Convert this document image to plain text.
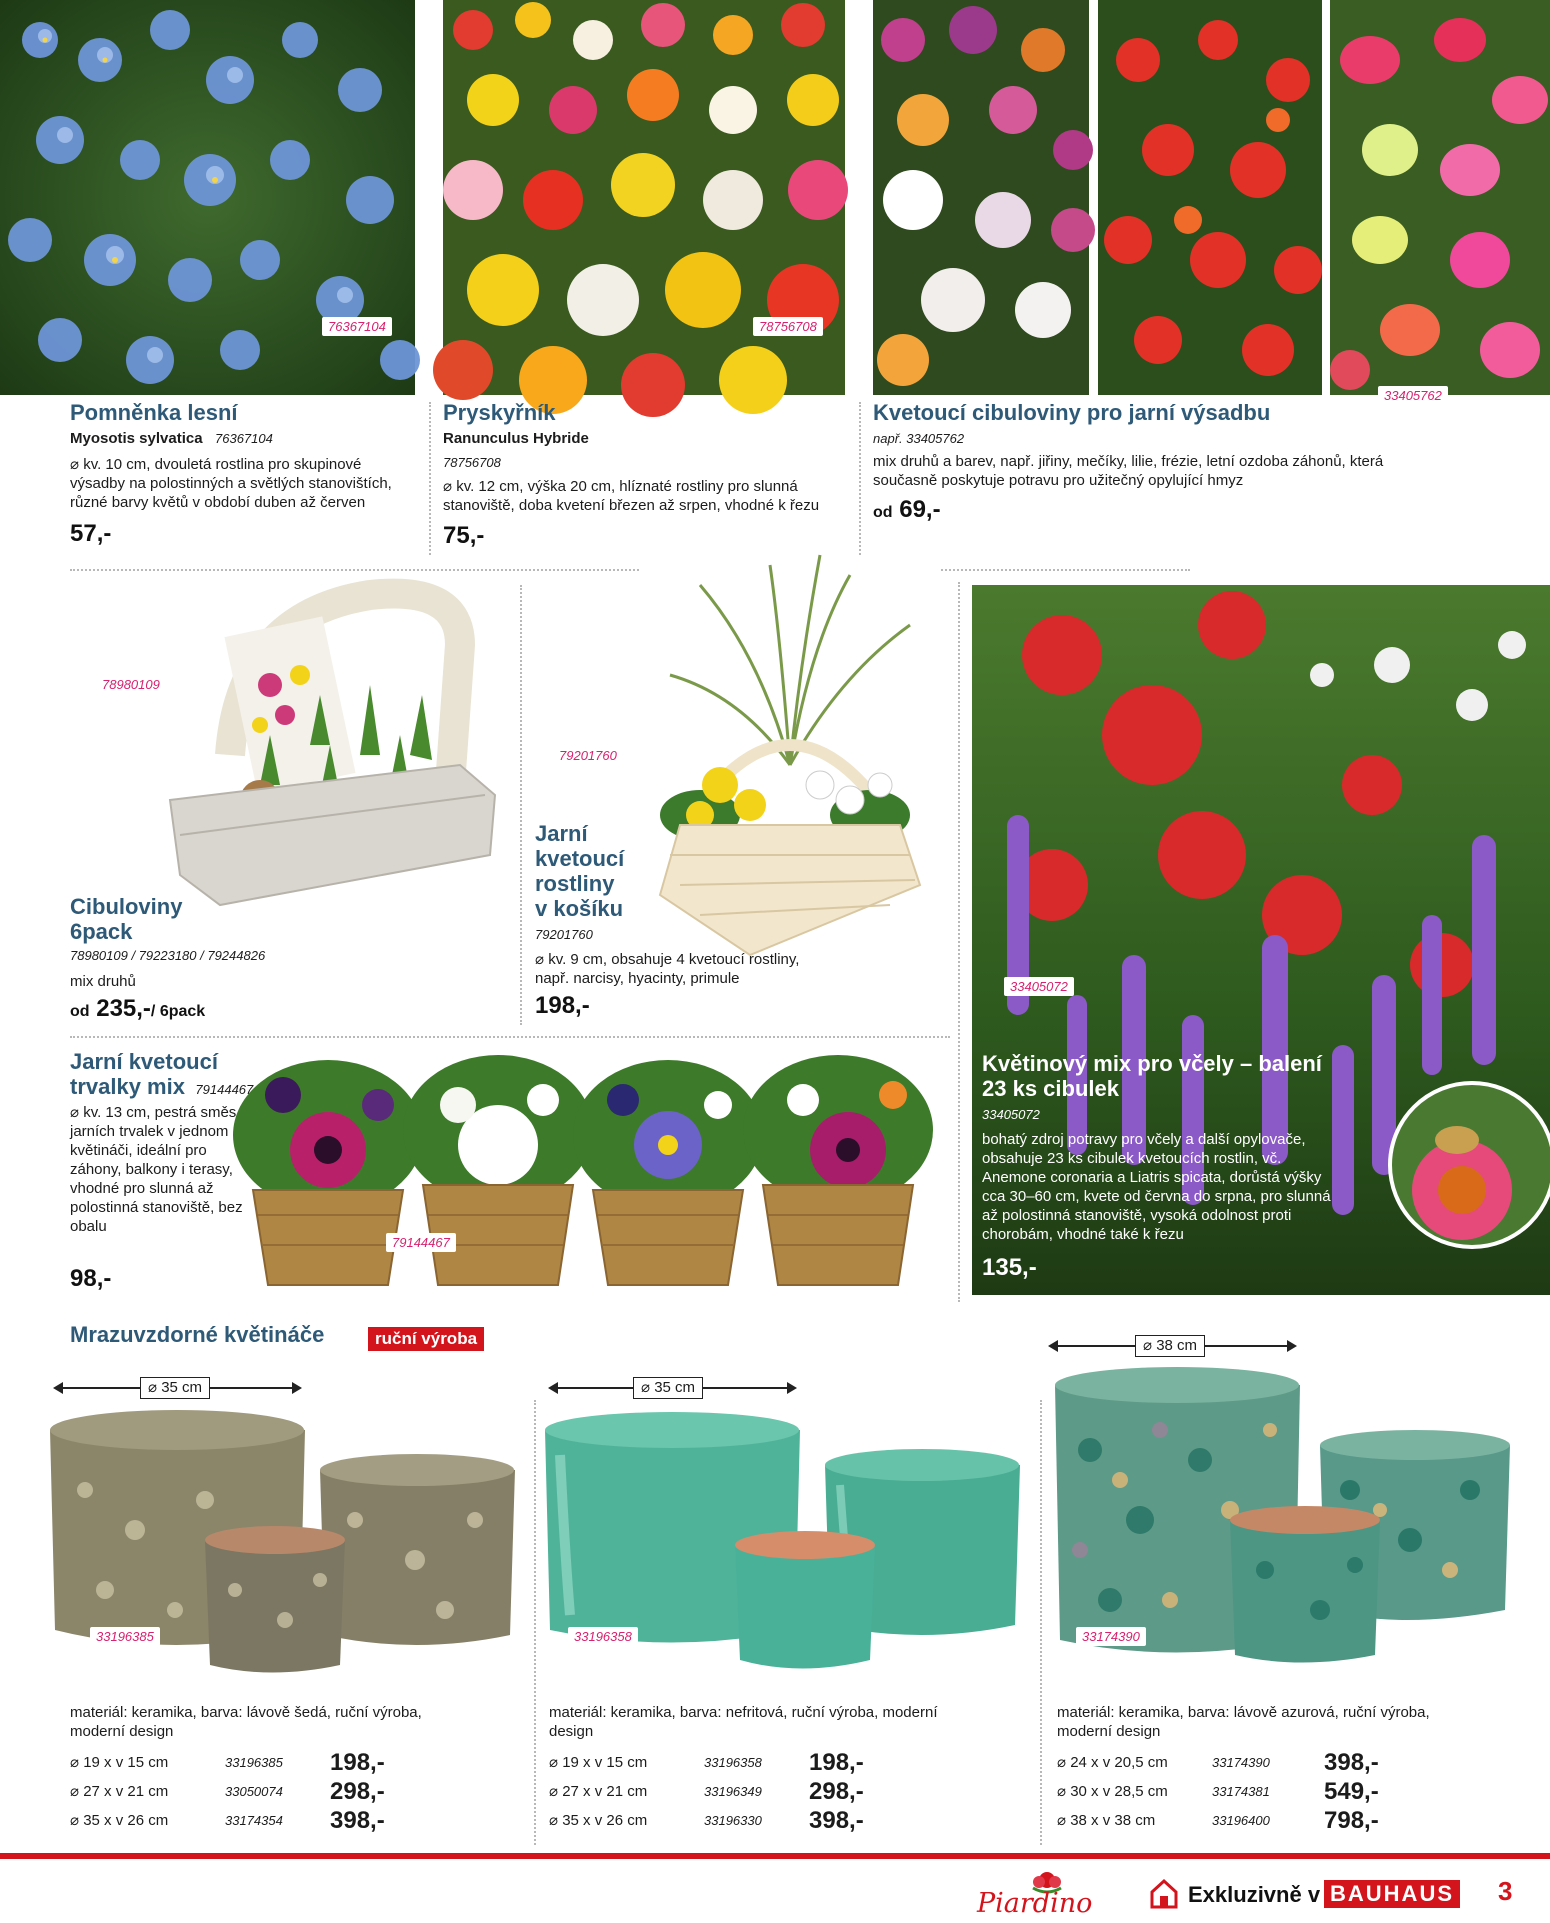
76367104	78756708
33405762
Pomněnka lesní
Myosotis sylvatica 76367104
⌀ kv. 10 cm, dvouletá rostlina pro skupinové výsadby na polostinných a světlých stanovištích, různé barvy květů v období duben až červen
57,-
Pryskyřník
Ranunculus Hybride
78756708
⌀ kv. 12 cm, výška 20 cm, hlíznaté rostliny pro slunná stanoviště, doba kvetení březen až srpen, vhodné k řezu
75,-
Kvetoucí cibuloviny pro jarní výsadbu
např. 33405762
mix druhů a barev, např. jiřiny, mečíky, lilie, frézie, letní ozdoba záhonů, která současně poskytuje potravu pro užitečný opylující hmyz
od 69,-
78980109
Cibuloviny
6pack
78980109 / 79223180 / 79244826
mix druhů
od 235,-/ 6pack
79201760
Jarní
kvetoucí
rostliny
v košíku
79201760
⌀ kv. 9 cm, obsahuje 4 kvetoucí rostliny, např. narcisy, hyacinty, primule
198,-
79144467
Jarní kvetoucí
trvalky mix 79144467
⌀ kv. 13 cm, pestrá směs jarních trvalek v jednom květináči, ideální pro záhony, balkony i terasy, vhodné pro slunná až polostinná stanoviště, bez obalu
98,-
33405072
Květinový mix pro včely – balení
23 ks cibulek
33405072
bohatý zdroj potravy pro včely a další opylovače, obsahuje 23 ks cibulek kvetoucích rostlin, vč. Anemone coronaria a Liatris spicata, dorůstá výšky cca 30–60 cm, kvete od června do srpna, pro slunná až polostinná stanoviště, vysoká odolnost proti chorobám, vhodné také k řezu
135,-
Mrazuvzdorné květináče	ruční výroba
⌀ 35 cm
33196385
materiál: keramika, barva: lávově šedá, ruční výroba, moderní design
⌀ 19 x v 15 cm	33196385 198,-
⌀ 27 x v 21 cm	33050074 298,-
⌀ 35 x v 26 cm	33174354 398,-
⌀ 35 cm
33196358
materiál: keramika, barva: nefritová, ruční výroba, moderní design
⌀ 19 x v 15 cm	33196358 198,-
⌀ 27 x v 21 cm	33196349 298,-
⌀ 35 x v 26 cm	33196330 398,-
⌀ 38 cm
33174390
materiál: keramika, barva: lávově azurová, ruční výroba, moderní design
⌀ 24 x v 20,5 cm	33174390 398,-
⌀ 30 x v 28,5 cm	33174381 549,-
⌀ 38 x v 38 cm	33196400 798,-
Piardino	Exkluzivně v BAUHAUS 3
